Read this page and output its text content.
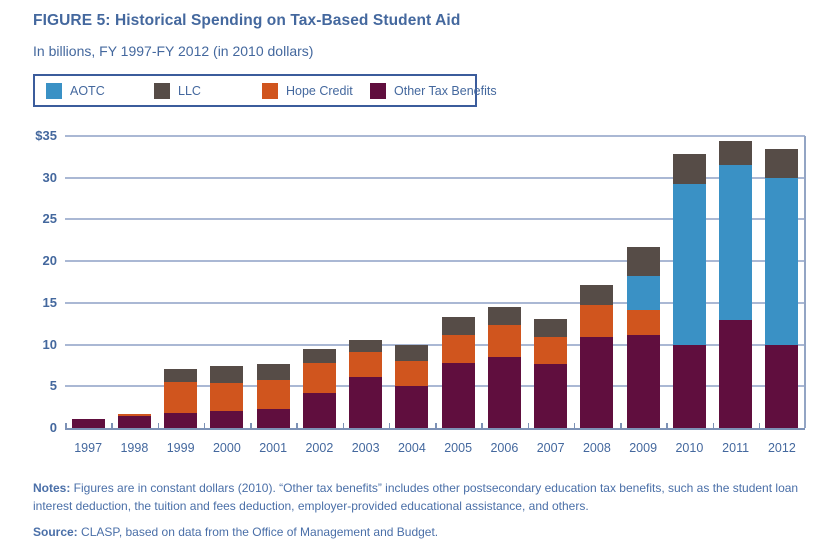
FIGURE 5: Historical Spending on Tax-Based Student Aid
In billions, FY 1997-FY 2012 (in 2010 dollars)
AOTC	LLC	Hope Credit	Other Tax Benefits
$35
30
25
20
15
10
5
0
1997	1998	1999	2000	2001	2002	2003	2004	2005	2006	2007	2008	2009	2010	2011	2012
Notes: Figures are in constant dollars (2010). “Other tax benefits” includes other postsecondary education tax benefits, such as the student loan interest deduction, the tuition and fees deduction, employer-provided educational assistance, and others.
Source: CLASP, based on data from the Office of Management and Budget.
